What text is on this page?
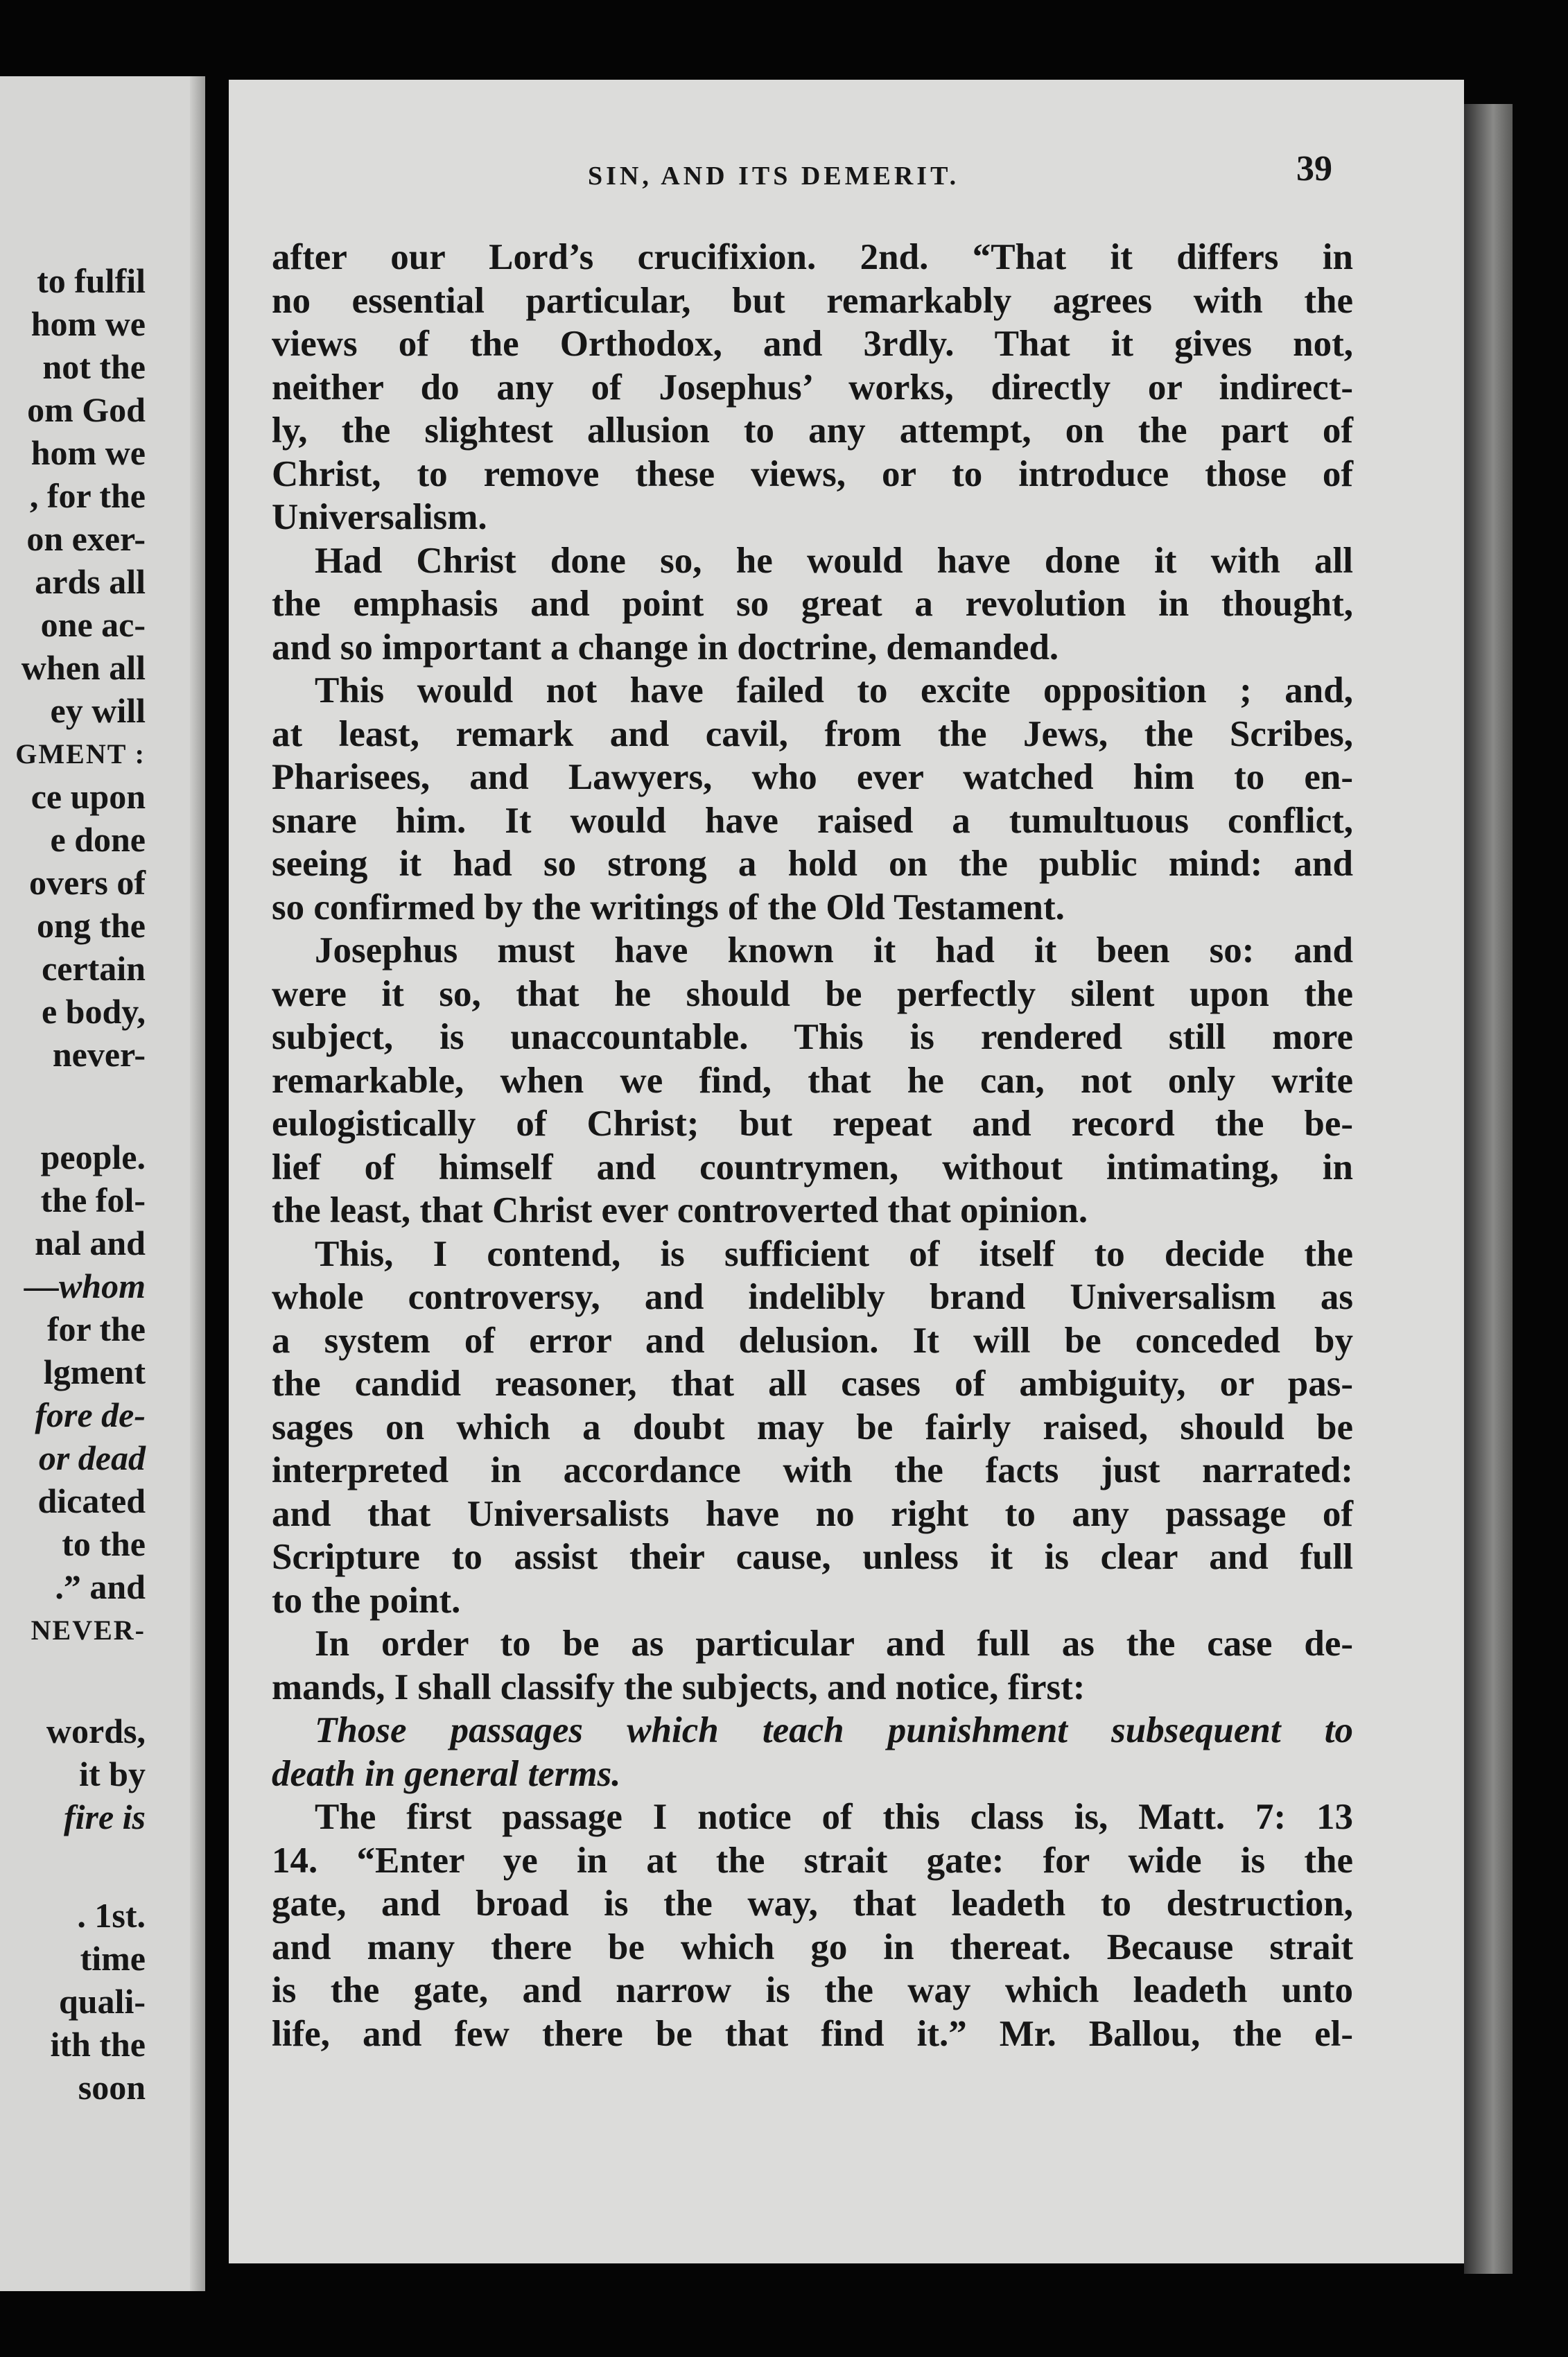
to fulfil
hom we
not the
om God
hom we
, for the
on exer-
ards all
one ac-
when all
ey will
GMENT :
ce upon
e done
overs of
ong the
certain
e body,
never-
people.
the fol-
nal and
—whom
for the
lgment
fore de-
or dead
dicated
to the
.” and
NEVER-
words,
it by
fire is
. 1st.
time
quali-
ith the
soon
SIN, AND ITS DEMERIT.	39
after our Lord’s crucifixion. 2nd. “That it differs in
no essential particular, but remarkably agrees with the
views of the Orthodox, and 3rdly. That it gives not,
neither do any of Josephus’ works, directly or indirect-
ly, the slightest allusion to any attempt, on the part of
Christ, to remove these views, or to introduce those of
Universalism.
Had Christ done so, he would have done it with all
the emphasis and point so great a revolution in thought,
and so important a change in doctrine, demanded.
This would not have failed to excite opposition ; and,
at least, remark and cavil, from the Jews, the Scribes,
Pharisees, and Lawyers, who ever watched him to en-
snare him. It would have raised a tumultuous conflict,
seeing it had so strong a hold on the public mind: and
so confirmed by the writings of the Old Testament.
Josephus must have known it had it been so: and
were it so, that he should be perfectly silent upon the
subject, is unaccountable. This is rendered still more
remarkable, when we find, that he can, not only write
eulogistically of Christ; but repeat and record the be-
lief of himself and countrymen, without intimating, in
the least, that Christ ever controverted that opinion.
This, I contend, is sufficient of itself to decide the
whole controversy, and indelibly brand Universalism as
a system of error and delusion. It will be conceded by
the candid reasoner, that all cases of ambiguity, or pas-
sages on which a doubt may be fairly raised, should be
interpreted in accordance with the facts just narrated:
and that Universalists have no right to any passage of
Scripture to assist their cause, unless it is clear and full
to the point.
In order to be as particular and full as the case de-
mands, I shall classify the subjects, and notice, first:
Those passages which teach punishment subsequent to
death in general terms.
The first passage I notice of this class is, Matt. 7: 13
14. “Enter ye in at the strait gate: for wide is the
gate, and broad is the way, that leadeth to destruction,
and many there be which go in thereat. Because strait
is the gate, and narrow is the way which leadeth unto
life, and few there be that find it.” Mr. Ballou, the el-
